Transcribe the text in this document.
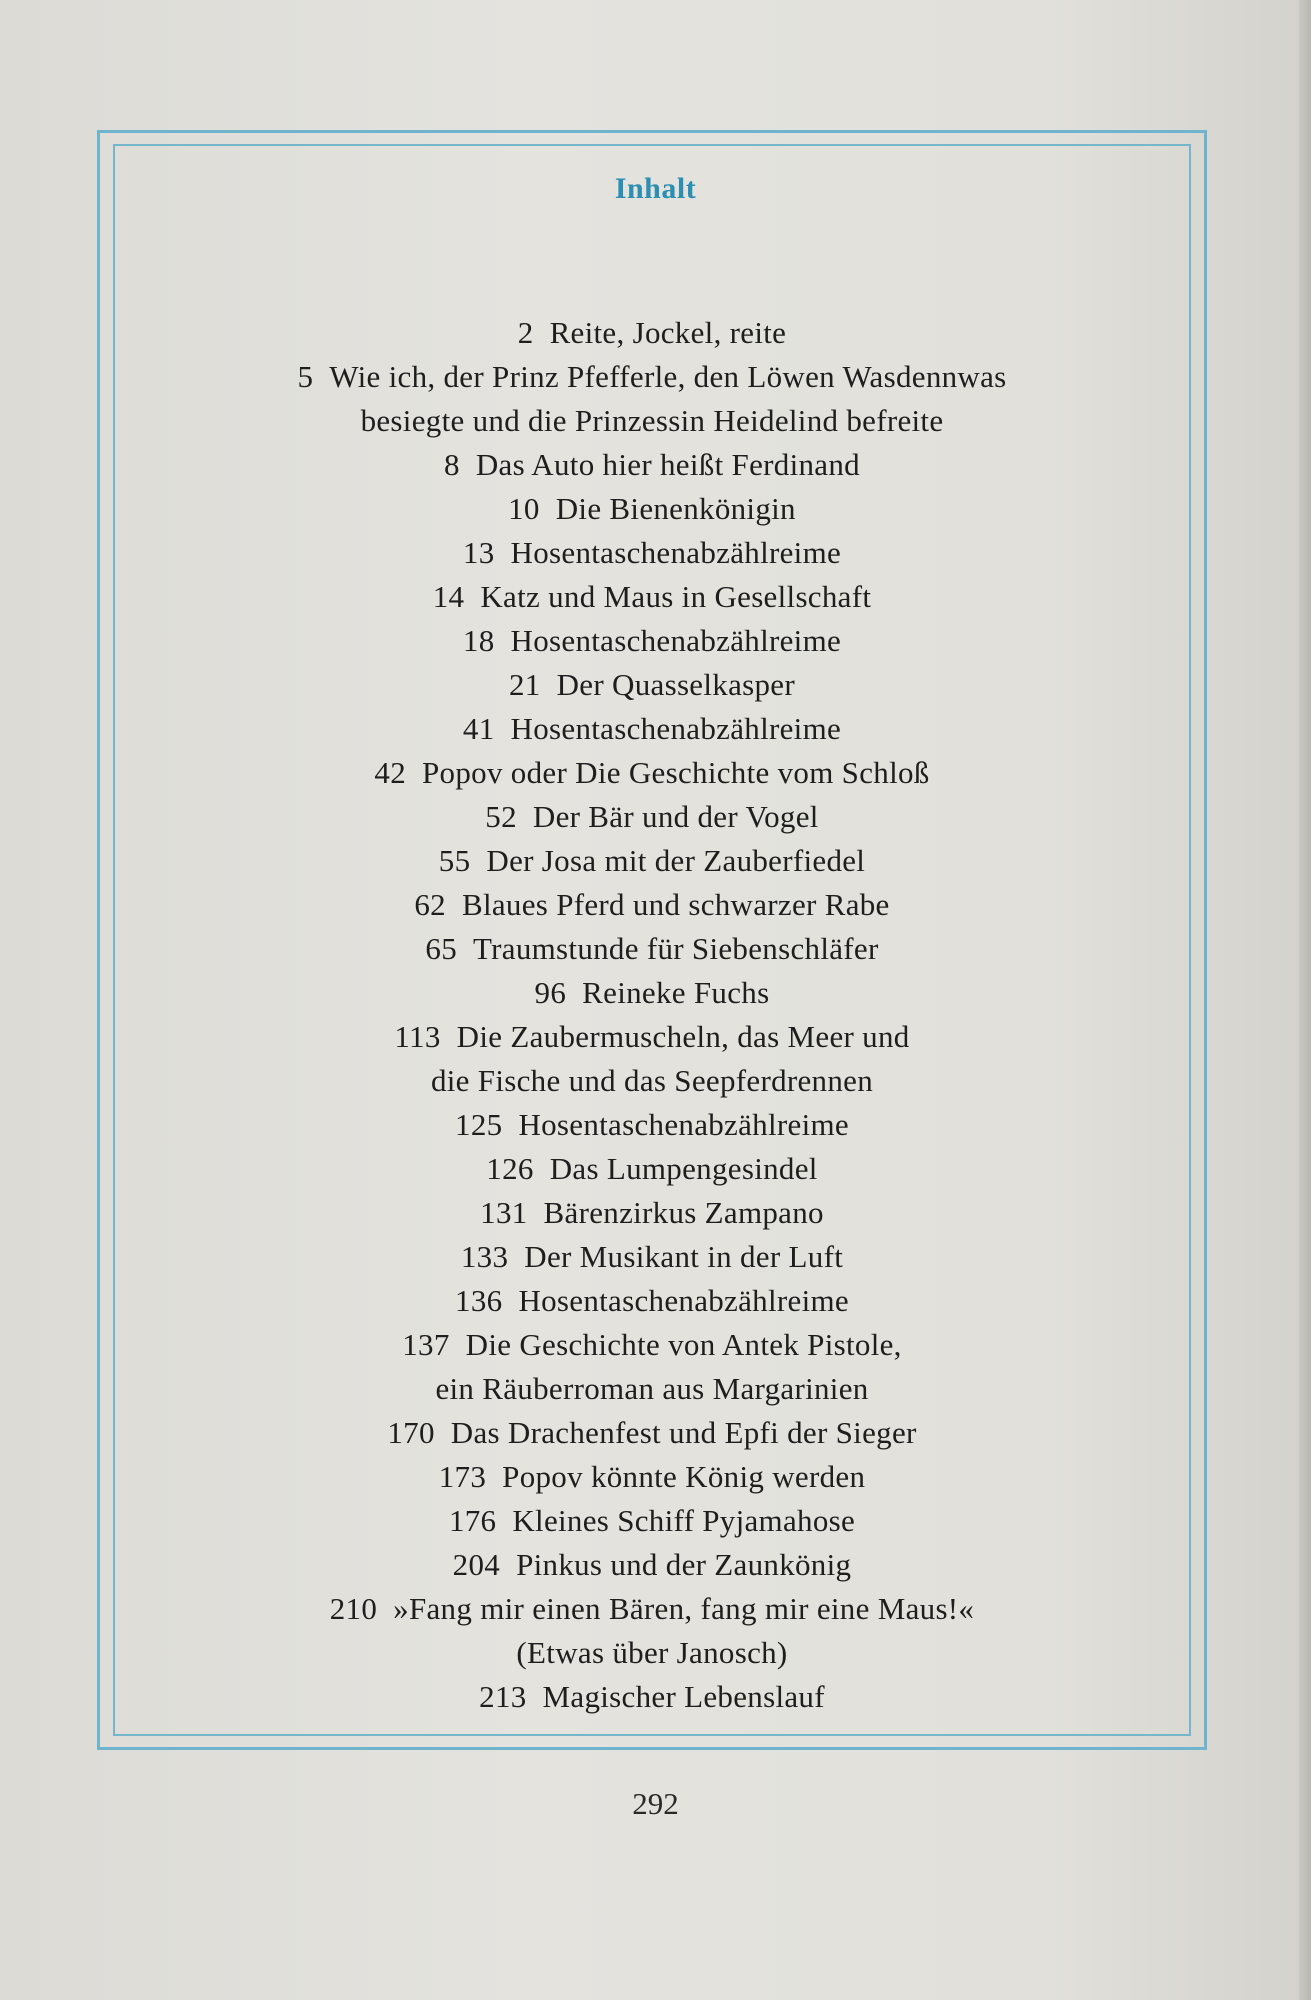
Inhalt
2 Reite, Jockel, reite
5 Wie ich, der Prinz Pfefferle, den Löwen Wasdennwas
besiegte und die Prinzessin Heidelind befreite
8 Das Auto hier heißt Ferdinand
10 Die Bienenkönigin
13 Hosentaschenabzählreime
14 Katz und Maus in Gesellschaft
18 Hosentaschenabzählreime
21 Der Quasselkasper
41 Hosentaschenabzählreime
42 Popov oder Die Geschichte vom Schloß
52 Der Bär und der Vogel
55 Der Josa mit der Zauberfiedel
62 Blaues Pferd und schwarzer Rabe
65 Traumstunde für Siebenschläfer
96 Reineke Fuchs
113 Die Zaubermuscheln, das Meer und
die Fische und das Seepferdrennen
125 Hosentaschenabzählreime
126 Das Lumpengesindel
131 Bärenzirkus Zampano
133 Der Musikant in der Luft
136 Hosentaschenabzählreime
137 Die Geschichte von Antek Pistole,
ein Räuberroman aus Margarinien
170 Das Drachenfest und Epfi der Sieger
173 Popov könnte König werden
176 Kleines Schiff Pyjamahose
204 Pinkus und der Zaunkönig
210 »Fang mir einen Bären, fang mir eine Maus!«
(Etwas über Janosch)
213 Magischer Lebenslauf
292
